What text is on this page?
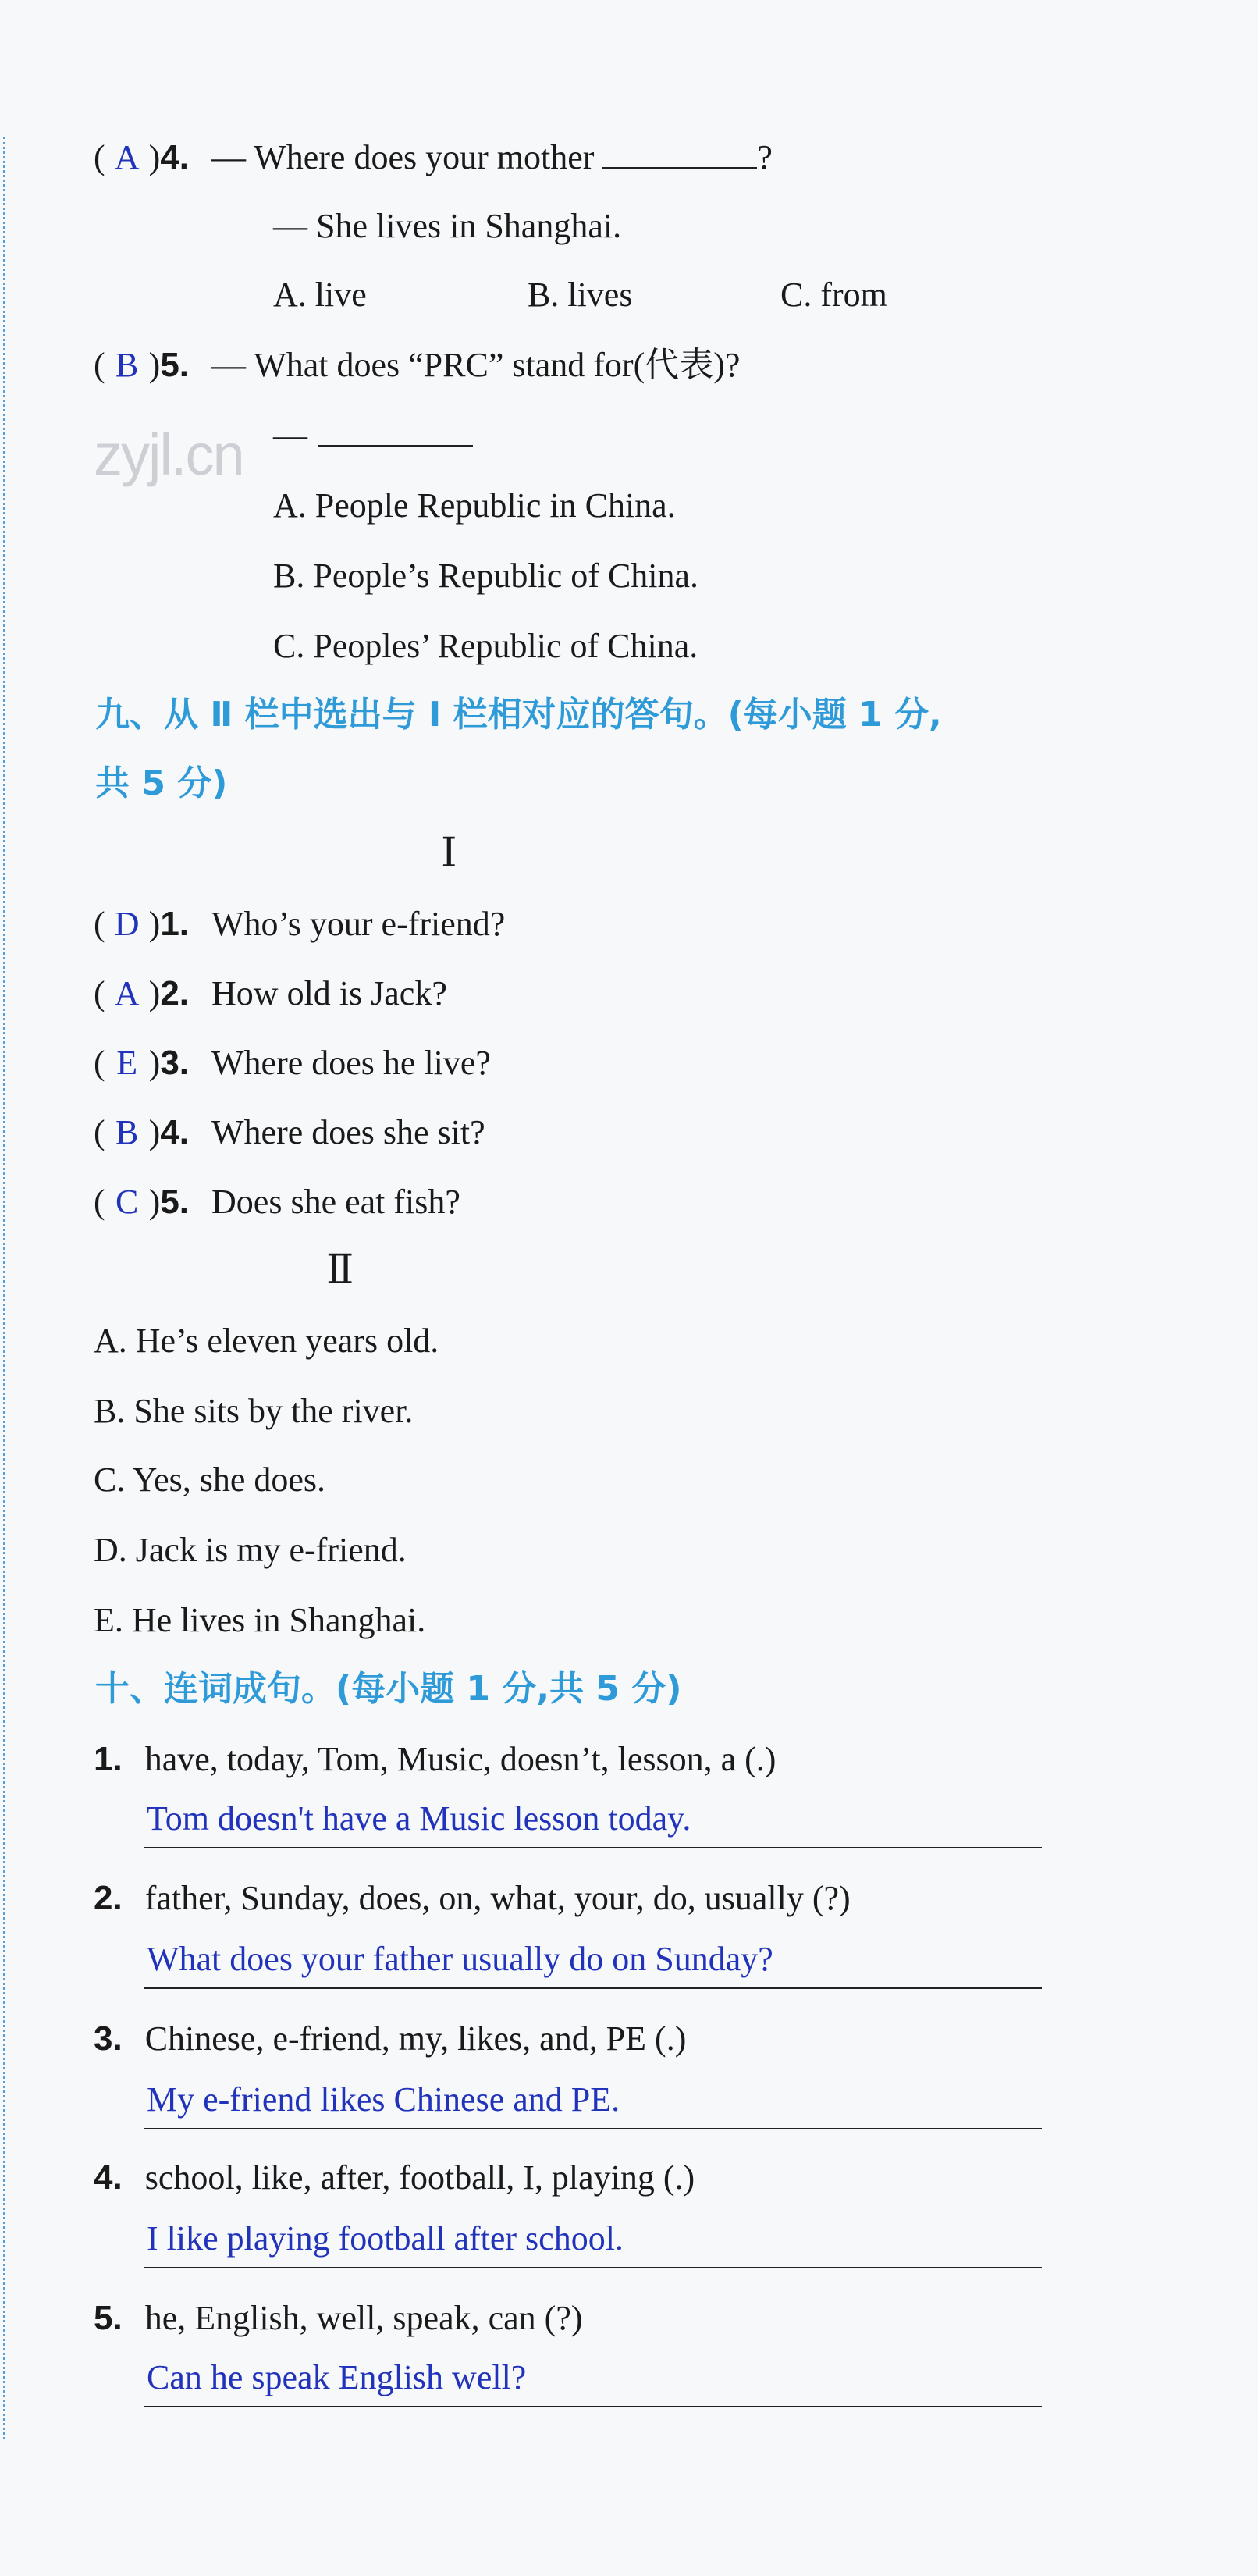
zyjl.cn
( A )4. — Where does your mother	?
— She lives in Shanghai.
A. live	B. lives	C. from
( B )5. — What does “PRC” stand for(代表)?
—
A. People Republic in China.
B. People’s Republic of China.
C. Peoples’ Republic of China.
九、从 Ⅱ 栏中选出与 Ⅰ 栏相对应的答句。(每小题 1 分,
共 5 分)
Ⅰ
( D )1. Who’s your e-friend?
( A )2. How old is Jack?
( E )3. Where does he live?
( B )4. Where does she sit?
( C )5. Does she eat fish?
Ⅱ
A. He’s eleven years old.
B. She sits by the river.
C. Yes, she does.
D. Jack is my e-friend.
E. He lives in Shanghai.
十、连词成句。(每小题 1 分,共 5 分)
1. have, today, Tom, Music, doesn’t, lesson, a (.)
Tom doesn't have a Music lesson today.
2. father, Sunday, does, on, what, your, do, usually (?)
What does your father usually do on Sunday?
3. Chinese, e-friend, my, likes, and, PE (.)
My e-friend likes Chinese and PE.
4. school, like, after, football, I, playing (.)
I like playing football after school.
5. he, English, well, speak, can (?)
Can he speak English well?
